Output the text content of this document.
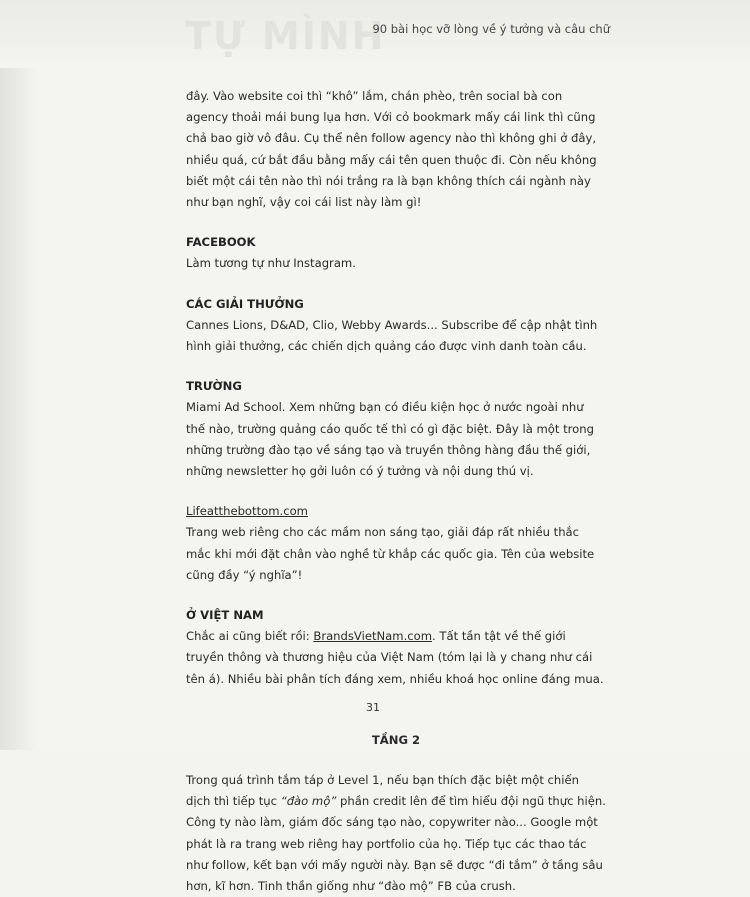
TỰ MÌNH
90 bài học vỡ lòng về ý tưởng và câu chữ

đây. Vào website coi thì “khô” lắm, chán phèo, trên social bà con agency thoải mái bung lụa hơn. Với cỏ bookmark mấy cái link thì cũng chả bao giờ vô đâu. Cụ thể nên follow agency nào thì không ghi ở đây, nhiều quá, cứ bắt đầu bằng mấy cái tên quen thuộc đi. Còn nếu không biết một cái tên nào thì nói trắng ra là bạn không thích cái ngành này như bạn nghĩ, vậy coi cái list này làm gì!

FACEBOOK

Làm tương tự như Instagram.

CÁC GIẢI THƯỞNG

Cannes Lions, D&AD, Clio, Webby Awards... Subscribe để cập nhật tình hình giải thưởng, các chiến dịch quảng cáo được vinh danh toàn cầu.

TRƯỜNG

Miami Ad School. Xem những bạn có điều kiện học ở nước ngoài như thế nào, trường quảng cáo quốc tế thì có gì đặc biệt. Đây là một trong những trường đào tạo về sáng tạo và truyền thông hàng đầu thế giới, những newsletter họ gởi luôn có ý tưởng và nội dung thú vị.

Lifeatthebottom.com

Trang web riêng cho các mầm non sáng tạo, giải đáp rất nhiều thắc mắc khi mới đặt chân vào nghề từ khắp các quốc gia. Tên của website cũng đầy “ý nghĩa”!

Ở VIỆT NAM

Chắc ai cũng biết rồi: BrandsVietNam.com. Tất tần tật về thế giới truyền thông và thương hiệu của Việt Nam (tóm lại là y chang như cái tên á). Nhiều bài phân tích đáng xem, nhiều khoá học online đáng mua.

TẦNG 2

Trong quá trình tắm táp ở Level 1, nếu bạn thích đặc biệt một chiến dịch thì tiếp tục “đào mộ” phần credit lên để tìm hiểu đội ngũ thực hiện. Công ty nào làm, giám đốc sáng tạo nào, copywriter nào... Google một phát là ra trang web riêng hay portfolio của họ. Tiếp tục các thao tác như follow, kết bạn với mấy người này. Bạn sẽ được “đi tắm” ở tầng sâu hơn, kĩ hơn. Tinh thần giống như “đào mộ” FB của crush.

31
